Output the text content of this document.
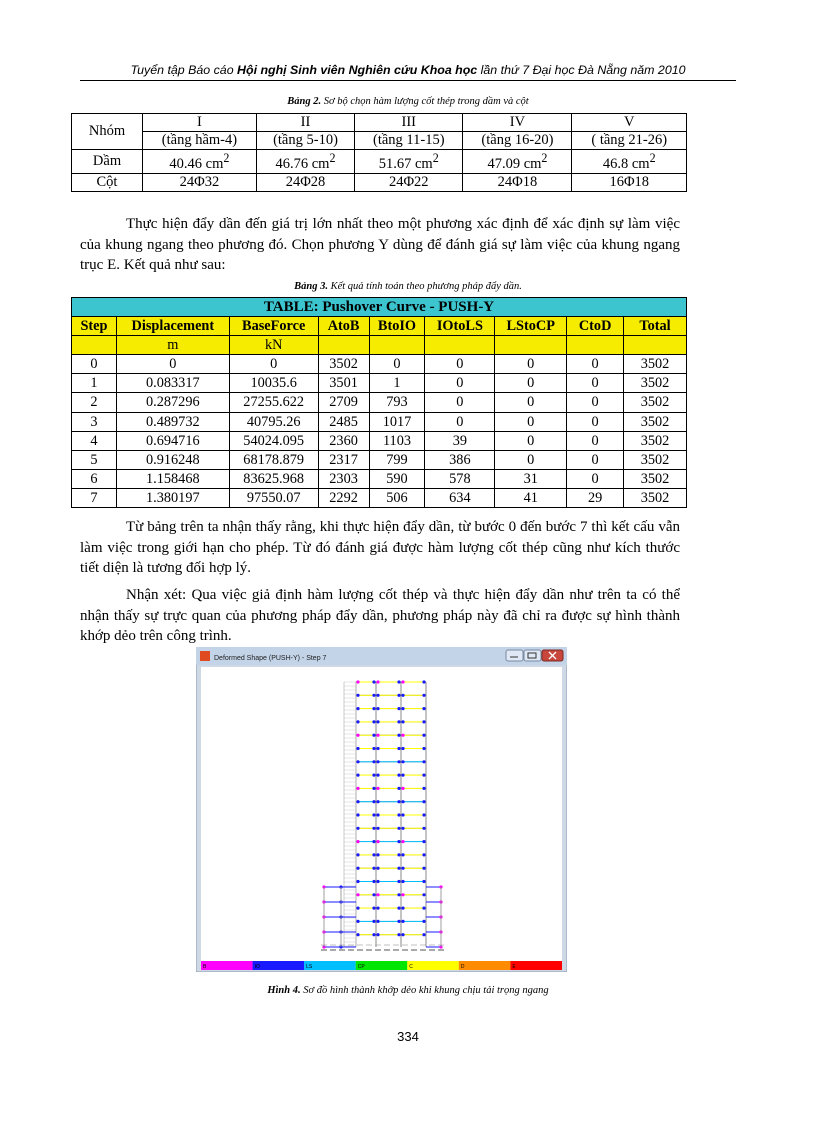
Tuyển tập Báo cáo Hội nghị Sinh viên Nghiên cứu Khoa học lần thứ 7 Đại học Đà Nẵng năm 2010
Bảng 2. Sơ bộ chọn hàm lượng cốt thép trong dầm và cột
Nhóm	I	II	III	IV	V
	(tầng hầm-4)	(tầng 5-10)	(tầng 11-15)	(tầng 16-20)	( tầng 21-26)
Dầm	40.46 $cm^2$	46.76 $cm^2$	51.67 $cm^2$	47.09 $cm^2$	46.8 $cm^2$
Cột	24Φ32	24Φ28	24Φ22	24Φ18	16Φ18
Thực hiện đẩy dần đến giá trị lớn nhất theo một phương xác định để xác định sự làm việc của khung ngang theo phương đó. Chọn phương Y dùng để đánh giá sự làm việc của khung ngang trục E. Kết quả như sau:
Bảng 3. Kết quả tính toán theo phương pháp đẩy dần.
TABLE: Pushover Curve - PUSH-Y								
Step	Displacement	BaseForce	AtoB	BtoIO	IOtoLS	LStoCP	CtoD	Total
	m	kN						
0	0	0	3502	0	0	0	0	3502
1	0.083317	10035.6	3501	1	0	0	0	3502
2	0.287296	27255.622	2709	793	0	0	0	3502
3	0.489732	40795.26	2485	1017	0	0	0	3502
4	0.694716	54024.095	2360	1103	39	0	0	3502
5	0.916248	68178.879	2317	799	386	0	0	3502
6	1.158468	83625.968	2303	590	578	31	0	3502
7	1.380197	97550.07	2292	506	634	41	29	3502
Từ bảng trên ta nhận thấy rằng, khi thực hiện đẩy dần, từ bước 0 đến bước 7 thì kết cấu vẫn làm việc trong giới hạn cho phép. Từ đó đánh giá được hàm lượng cốt thép cũng như kích thước tiết diện là tương đối hợp lý.
Nhận xét: Qua việc giả định hàm lượng cốt thép và thực hiện đẩy dần như trên ta có thể nhận thấy sự trực quan của phương pháp đẩy dần, phương pháp này đã chỉ ra được sự hình thành khớp dẻo trên công trình.
Deformed Shape (PUSH-Y) - Step 7
B	IO	LS	CP	C	D	E
Hình 4. Sơ đồ hình thành khớp dẻo khi khung chịu tải trọng ngang
334
